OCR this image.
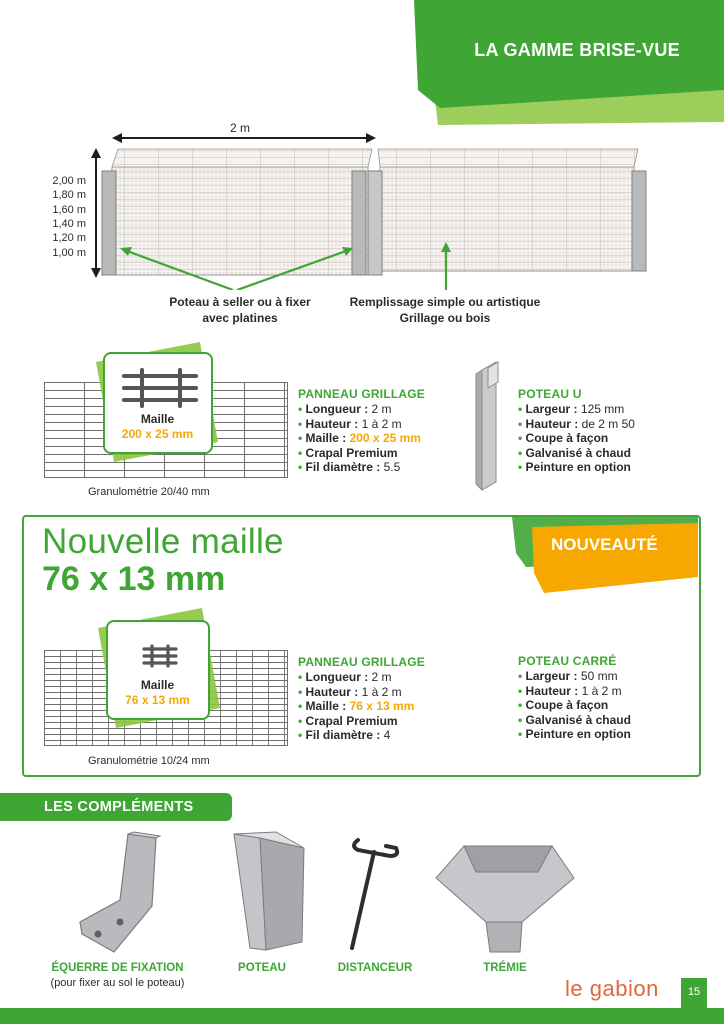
LA GAMME BRISE-VUE
2 m
2,00 m
1,80 m
1,60 m
1,40 m
1,20 m
1,00 m
Poteau à seller ou à fixer
avec platines
Remplissage simple ou artistique
Grillage ou bois
Maille
200 x 25 mm
Granulométrie 20/40 mm
PANNEAU GRILLAGE
• Longueur : 2 m
• Hauteur : 1 à 2 m
• Maille : 200 x 25 mm
• Crapal Premium
• Fil diamètre : 5.5
POTEAU U
• Largeur : 125 mm
• Hauteur : de 2 m 50
• Coupe à façon
• Galvanisé à chaud
• Peinture en option
NOUVEAUTÉ
Nouvelle maille
76 x 13 mm
Maille
76 x 13 mm
Granulométrie 10/24 mm
PANNEAU GRILLAGE
• Longueur : 2 m
• Hauteur : 1 à 2 m
• Maille : 76 x 13 mm
• Crapal Premium
• Fil diamètre : 4
POTEAU CARRÉ
• Largeur : 50 mm
• Hauteur : 1 à 2 m
• Coupe à façon
• Galvanisé à chaud
• Peinture en option
LES COMPLÉMENTS
ÉQUERRE DE FIXATION
(pour fixer au sol le poteau)
POTEAU	DISTANCEUR	TRÉMIE
le gabion	15
